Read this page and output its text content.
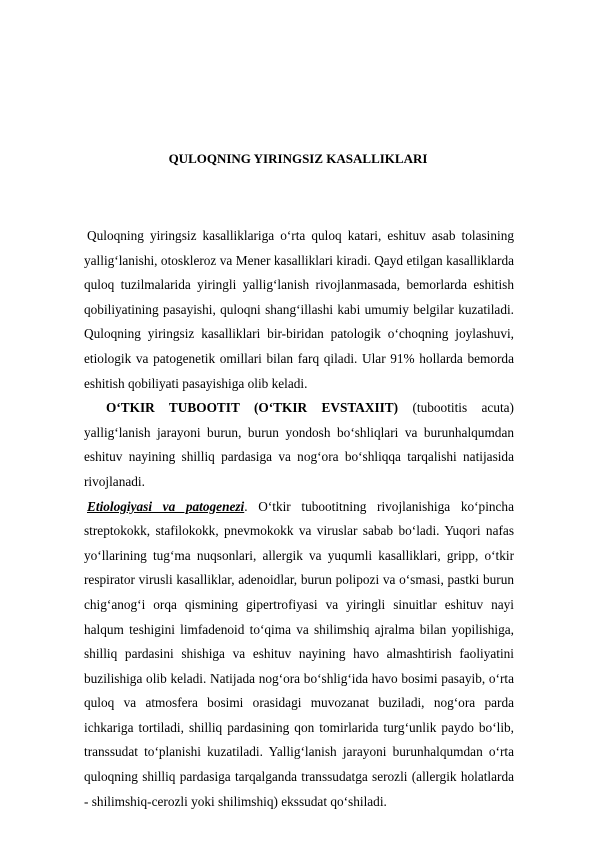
QULOQNING YIRINGSIZ KASALLIKLARI

Quloqning yiringsiz kasalliklariga o‘rta quloq katari, eshituv asab tolasining yallig‘lanishi, otoskleroz va Mener kasalliklari kiradi. Qayd etilgan kasalliklarda quloq tuzilmalarida yiringli yallig‘lanish rivojlanmasada, bemorlarda eshitish qobiliyatining pasayishi, quloqni shang‘illashi kabi umumiy belgilar kuzatiladi. Quloqning yiringsiz kasalliklari bir-biridan patologik o‘choqning joylashuvi, etiologik va patogenetik omillari bilan farq qiladi. Ular 91% hollarda bemorda eshitish qobiliyati pasayishiga olib keladi.

O‘TKIR TUBOOTIT (O‘TKIR EVSTAXIIT) (tubootitis acuta) yallig‘lanish jarayoni burun, burun yondosh bo‘shliqlari va burunhalqumdan eshituv nayining shilliq pardasiga va nog‘ora bo‘shliqqa tarqalishi natijasida rivojlanadi.

Etiologiyasi va patogenezi. O‘tkir tubootitning rivojlanishiga ko‘pincha streptokokk, stafilokokk, pnevmokokk va viruslar sabab bo‘ladi. Yuqori nafas yo‘llarining tug‘ma nuqsonlari, allergik va yuqumli kasalliklari, gripp, o‘tkir respirator virusli kasalliklar, adenoidlar, burun polipozi va o‘smasi, pastki burun chig‘anog‘i orqa qismining gipertrofiyasi va yiringli sinuitlar eshituv nayi halqum teshigini limfadenoid to‘qima va shilimshiq ajralma bilan yopilishiga, shilliq pardasini shishiga va eshituv nayining havo almashtirish faoliyatini buzilishiga olib keladi. Natijada nog‘ora bo‘shlig‘ida havo bosimi pasayib, o‘rta quloq va atmosfera bosimi orasidagi muvozanat buziladi, nog‘ora parda ichkariga tortiladi, shilliq pardasining qon tomirlarida turg‘unlik paydo bo‘lib, transsudat to‘planishi kuzatiladi. Yallig‘lanish jarayoni burunhalqumdan o‘rta quloqning shilliq pardasiga tarqalganda transsudatga serozli (allergik holatlarda - shilimshiq-cerozli yoki shilimshiq) ekssudat qo‘shiladi.
